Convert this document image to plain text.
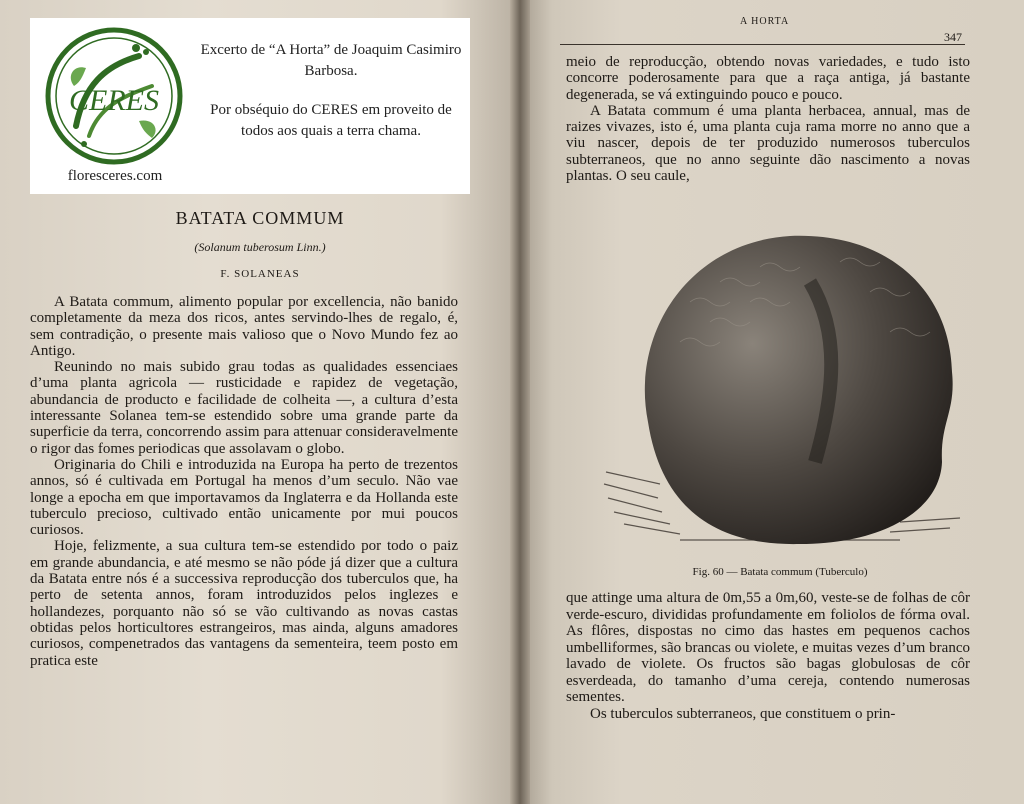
CERES
floresceres.com

Excerto de “A Horta” de Joaquim Casimiro Barbosa.

Por obséquio do CERES em proveito de todos aos quais a terra chama.

BATATA COMMUM
(Solanum tuberosum Linn.)
F. SOLANEAS

A Batata commum, alimento popular por excellencia, não banido completamente da meza dos ricos, antes servindo-lhes de regalo, é, sem contradição, o presente mais valioso que o Novo Mundo fez ao Antigo.

Reunindo no mais subido grau todas as qualidades essenciaes d’uma planta agricola — rusticidade e rapidez de vegetação, abundancia de producto e facilidade de colheita —, a cultura d’esta interessante Solanea tem-se estendido sobre uma grande parte da superficie da terra, concorrendo assim para attenuar consideravelmente o rigor das fomes periodicas que assolavam o globo.

Originaria do Chili e introduzida na Europa ha perto de trezentos annos, só é cultivada em Portugal ha menos d’um seculo. Não vae longe a epocha em que importavamos da Inglaterra e da Hollanda este tuberculo precioso, cultivado então unicamente por mui poucos curiosos.

Hoje, felizmente, a sua cultura tem-se estendido por todo o paiz em grande abundancia, e até mesmo se não póde já dizer que a cultura da Batata entre nós é a successiva reproducção dos tuberculos que, ha perto de setenta annos, foram introduzidos pelos inglezes e hollandezes, porquanto não só se vão cultivando as novas castas obtidas pelos horticultores estrangeiros, mas ainda, alguns amadores curiosos, compenetrados das vantagens da sementeira, teem posto em pratica este

A HORTA
347

meio de reproducção, obtendo novas variedades, e tudo isto concorre poderosamente para que a raça antiga, já bastante degenerada, se vá extinguindo pouco e pouco.

A Batata commum é uma planta herbacea, annual, mas de raizes vivazes, isto é, uma planta cuja rama morre no anno que a viu nascer, depois de ter produzido numerosos tuberculos subterraneos, que no anno seguinte dão nascimento a novas plantas. O seu caule,

Fig. 60 — Batata commum (Tuberculo)

que attinge uma altura de 0m,55 a 0m,60, veste-se de folhas de côr verde-escuro, divididas profundamente em foliolos de fórma oval. As flôres, dispostas no cimo das hastes em pequenos cachos umbelliformes, são brancas ou violete, e muitas vezes d’um branco lavado de violete. Os fructos são bagas globulosas de côr esverdeada, do tamanho d’uma cereja, contendo numerosas sementes.

Os tuberculos subterraneos, que constituem o prin-
